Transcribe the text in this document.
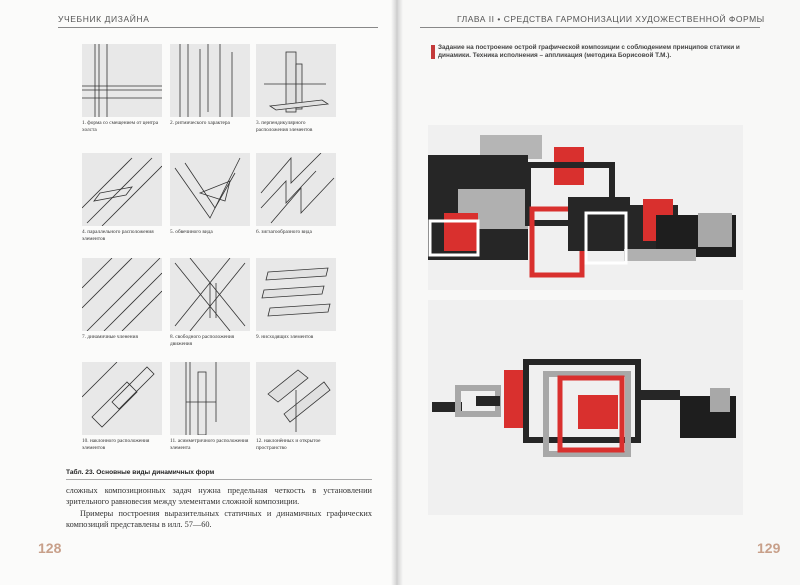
УЧЕБНИК ДИЗАЙНА
1. форма со смещением от центра холста
2. ритмического характера	3. перпендикулярного расположения элементов
4. параллельного расположения элементов
5. обвечиного вида	6. зигзагообразного вида
7. динамичные членения	8. свободного расположения движения
9. нисходящих элементов
10. наклонного расположения элементов
11. асимметричного расположения элемента
12. наклонённых и открытое пространство
Табл. 23. Основные виды динамичных форм

сложных композиционных задач нужна предельная четкость в установлении зрительного равновесия между элементами сложной композиции.

Примеры построения выразительных статичных и динамичных графических композиций представлены в илл. 57—60.

128
ГЛАВА II • СРЕДСТВА ГАРМОНИЗАЦИИ ХУДОЖЕСТВЕННОЙ ФОРМЫ
Задание на построение острой графической композиции с соблюдением принципов статики и динамики. Техника исполнения – аппликация (методика Борисовой Т.М.).
129
